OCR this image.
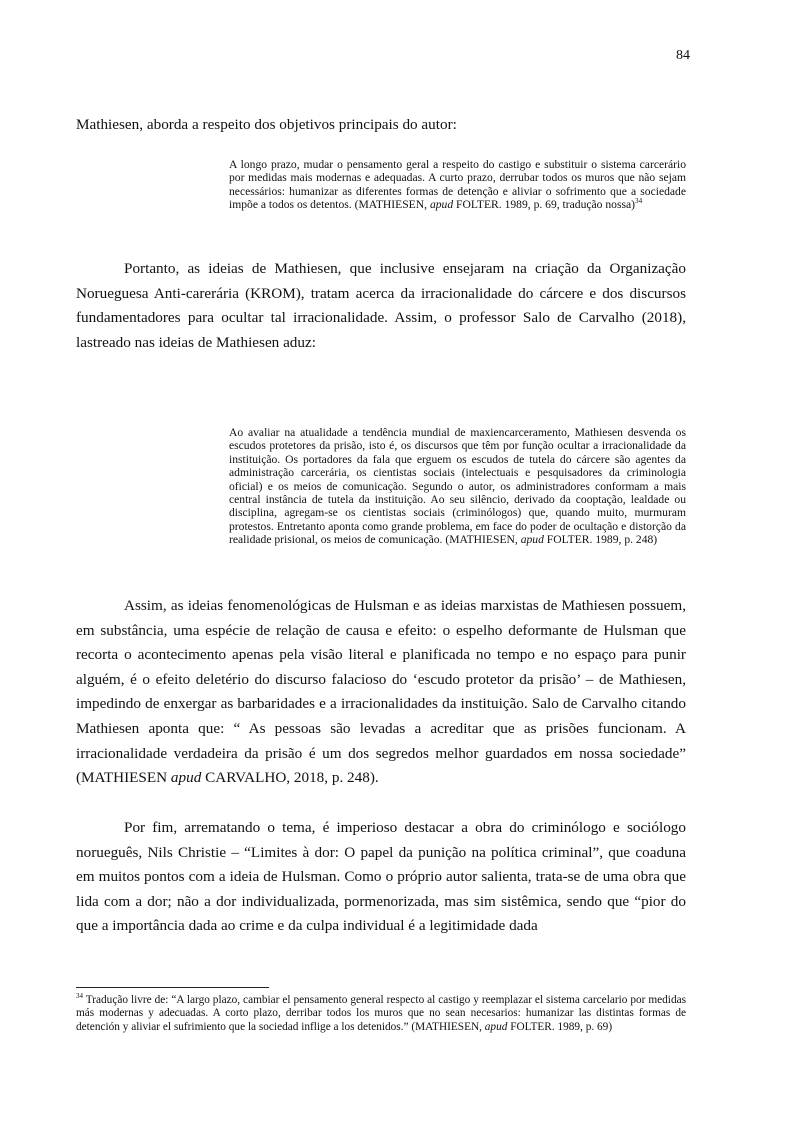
84

Mathiesen, aborda a respeito dos objetivos principais do autor:

A longo prazo, mudar o pensamento geral a respeito do castigo e substituir o sistema carcerário por medidas mais modernas e adequadas. A curto prazo, derrubar todos os muros que não sejam necessários: humanizar as diferentes formas de detenção e aliviar o sofrimento que a sociedade impõe a todos os detentos. (MATHIESEN, apud FOLTER. 1989, p. 69, tradução nossa)$^{34}$

Portanto, as ideias de Mathiesen, que inclusive ensejaram na criação da Organização Norueguesa Anti-carerária (KROM), tratam acerca da irracionalidade do cárcere e dos discursos fundamentadores para ocultar tal irracionalidade. Assim, o professor Salo de Carvalho (2018), lastreado nas ideias de Mathiesen aduz:

Ao avaliar na atualidade a tendência mundial de maxiencarceramento, Mathiesen desvenda os escudos protetores da prisão, isto é, os discursos que têm por função ocultar a irracionalidade da instituição. Os portadores da fala que erguem os escudos de tutela do cárcere são agentes da administração carcerária, os cientistas sociais (intelectuais e pesquisadores da criminologia oficial) e os meios de comunicação. Segundo o autor, os administradores conformam a mais central instância de tutela da instituição. Ao seu silêncio, derivado da cooptação, lealdade ou disciplina, agregam-se os cientistas sociais (criminólogos) que, quando muito, murmuram protestos. Entretanto aponta como grande problema, em face do poder de ocultação e distorção da realidade prisional, os meios de comunicação. (MATHIESEN, apud FOLTER. 1989, p. 248)

Assim, as ideias fenomenológicas de Hulsman e as ideias marxistas de Mathiesen possuem, em substância, uma espécie de relação de causa e efeito: o espelho deformante de Hulsman que recorta o acontecimento apenas pela visão literal e planificada no tempo e no espaço para punir alguém, é o efeito deletério do discurso falacioso do ‘escudo protetor da prisão’ – de Mathiesen, impedindo de enxergar as barbaridades e a irracionalidades da instituição. Salo de Carvalho citando Mathiesen aponta que: “ As pessoas são levadas a acreditar que as prisões funcionam. A irracionalidade verdadeira da prisão é um dos segredos melhor guardados em nossa sociedade” (MATHIESEN apud CARVALHO, 2018, p. 248).

Por fim, arrematando o tema, é imperioso destacar a obra do criminólogo e sociólogo norueguês, Nils Christie – “Limites à dor: O papel da punição na política criminal”, que coaduna em muitos pontos com a ideia de Hulsman. Como o próprio autor salienta, trata-se de uma obra que lida com a dor; não a dor individualizada, pormenorizada, mas sim sistêmica, sendo que “pior do que a importância dada ao crime e da culpa individual é a legitimidade dada

$^{34}$ Tradução livre de: “A largo plazo, cambiar el pensamento general respecto al castigo y reemplazar el sistema carcelario por medidas más modernas y adecuadas. A corto plazo, derribar todos los muros que no sean necesarios: humanizar las distintas formas de detención y aliviar el sufrimiento que la sociedad inflige a los detenidos.” (MATHIESEN, apud FOLTER. 1989, p. 69)
